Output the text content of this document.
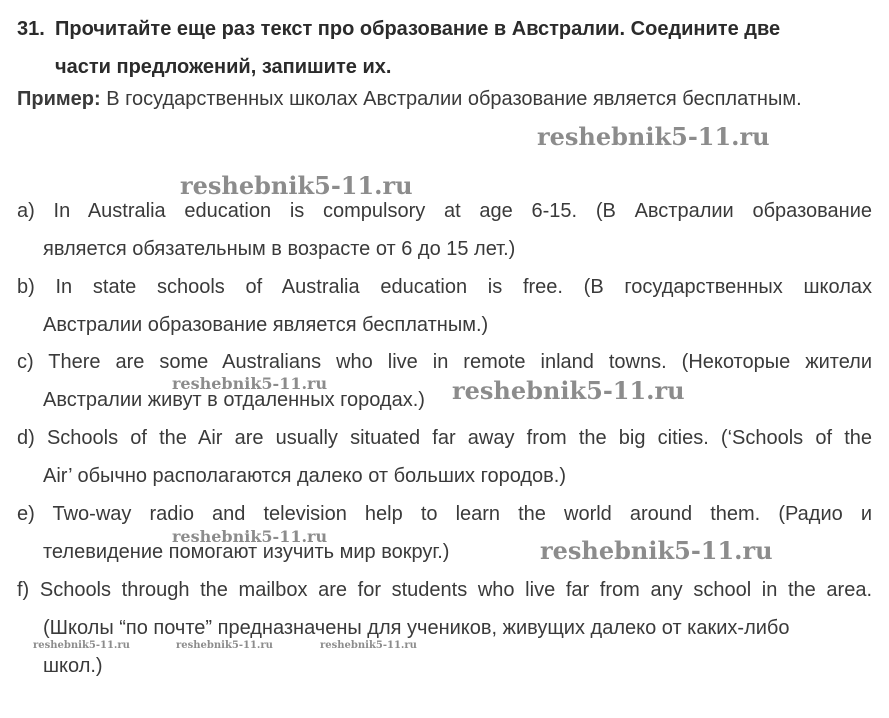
31. Прочитайте еще раз текст про образование в Австралии. Соедините две
части предложений, запишите их.
Пример: В государственных школах Австралии образование является бесплатным.
a) In Australia education is compulsory at age 6-15. (В Австралии образование
является обязательным в возрасте от 6 до 15 лет.)
b) In state schools of Australia education is free. (В государственных школах
Австралии образование является бесплатным.)
c) There are some Australians who live in remote inland towns. (Некоторые жители
Австралии живут в отдаленных городах.)
d) Schools of the Air are usually situated far away from the big cities. (‘Schools of the
Air’ обычно располагаются далеко от больших городов.)
e) Two-way radio and television help to learn the world around them. (Радио и
телевидение помогают изучить мир вокруг.)
f) Schools through the mailbox are for students who live far from any school in the area.
(Школы “по почте” предназначены для учеников, живущих далеко от каких-либо
школ.)
reshebnik5-11.ru
reshebnik5-11.ru
reshebnik5-11.ru	reshebnik5-11.ru
reshebnik5-11.ru	reshebnik5-11.ru
reshebnik5-11.ru	reshebnik5-11.ru	reshebnik5-11.ru
